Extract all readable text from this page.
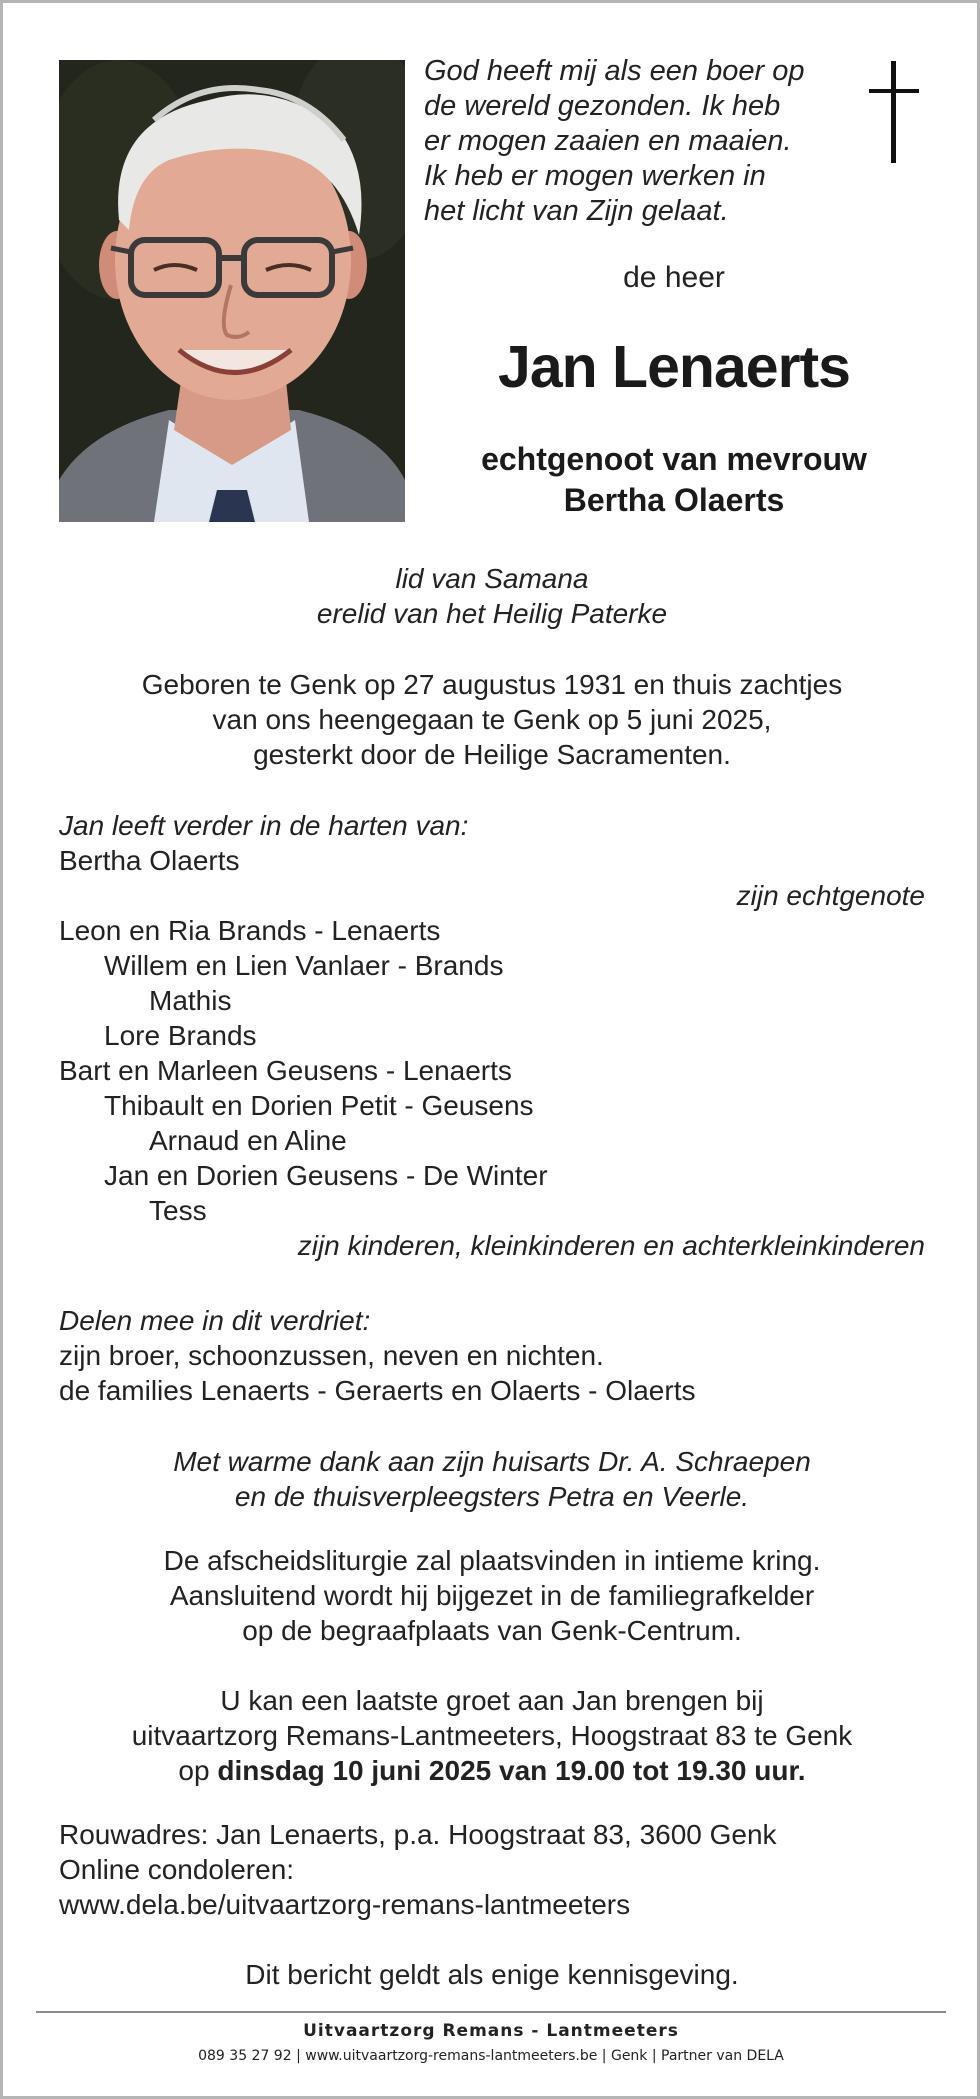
God heeft mij als een boer op
de wereld gezonden. Ik heb
er mogen zaaien en maaien.
Ik heb er mogen werken in
het licht van Zijn gelaat.
de heer
Jan Lenaerts
echtgenoot van mevrouw
Bertha Olaerts
lid van Samana
erelid van het Heilig Paterke
Geboren te Genk op 27 augustus 1931 en thuis zachtjes
van ons heengegaan te Genk op 5 juni 2025,
gesterkt door de Heilige Sacramenten.
Jan leeft verder in de harten van:
Bertha Olaerts
zijn echtgenote
Leon en Ria Brands - Lenaerts
Willem en Lien Vanlaer - Brands
Mathis
Lore Brands
Bart en Marleen Geusens - Lenaerts
Thibault en Dorien Petit - Geusens
Arnaud en Aline
Jan en Dorien Geusens - De Winter
Tess
zijn kinderen, kleinkinderen en achterkleinkinderen
Delen mee in dit verdriet:
zijn broer, schoonzussen, neven en nichten.
de families Lenaerts - Geraerts en Olaerts - Olaerts
Met warme dank aan zijn huisarts Dr. A. Schraepen
en de thuisverpleegsters Petra en Veerle.
De afscheidsliturgie zal plaatsvinden in intieme kring.
Aansluitend wordt hij bijgezet in de familiegrafkelder
op de begraafplaats van Genk-Centrum.
U kan een laatste groet aan Jan brengen bij
uitvaartzorg Remans-Lantmeeters, Hoogstraat 83 te Genk
op dinsdag 10 juni 2025 van 19.00 tot 19.30 uur.
Rouwadres: Jan Lenaerts, p.a. Hoogstraat 83, 3600 Genk
Online condoleren:
www.dela.be/uitvaartzorg-remans-lantmeeters
Dit bericht geldt als enige kennisgeving.
Uitvaartzorg Remans - Lantmeeters
089 35 27 92 | www.uitvaartzorg-remans-lantmeeters.be | Genk | Partner van DELA
